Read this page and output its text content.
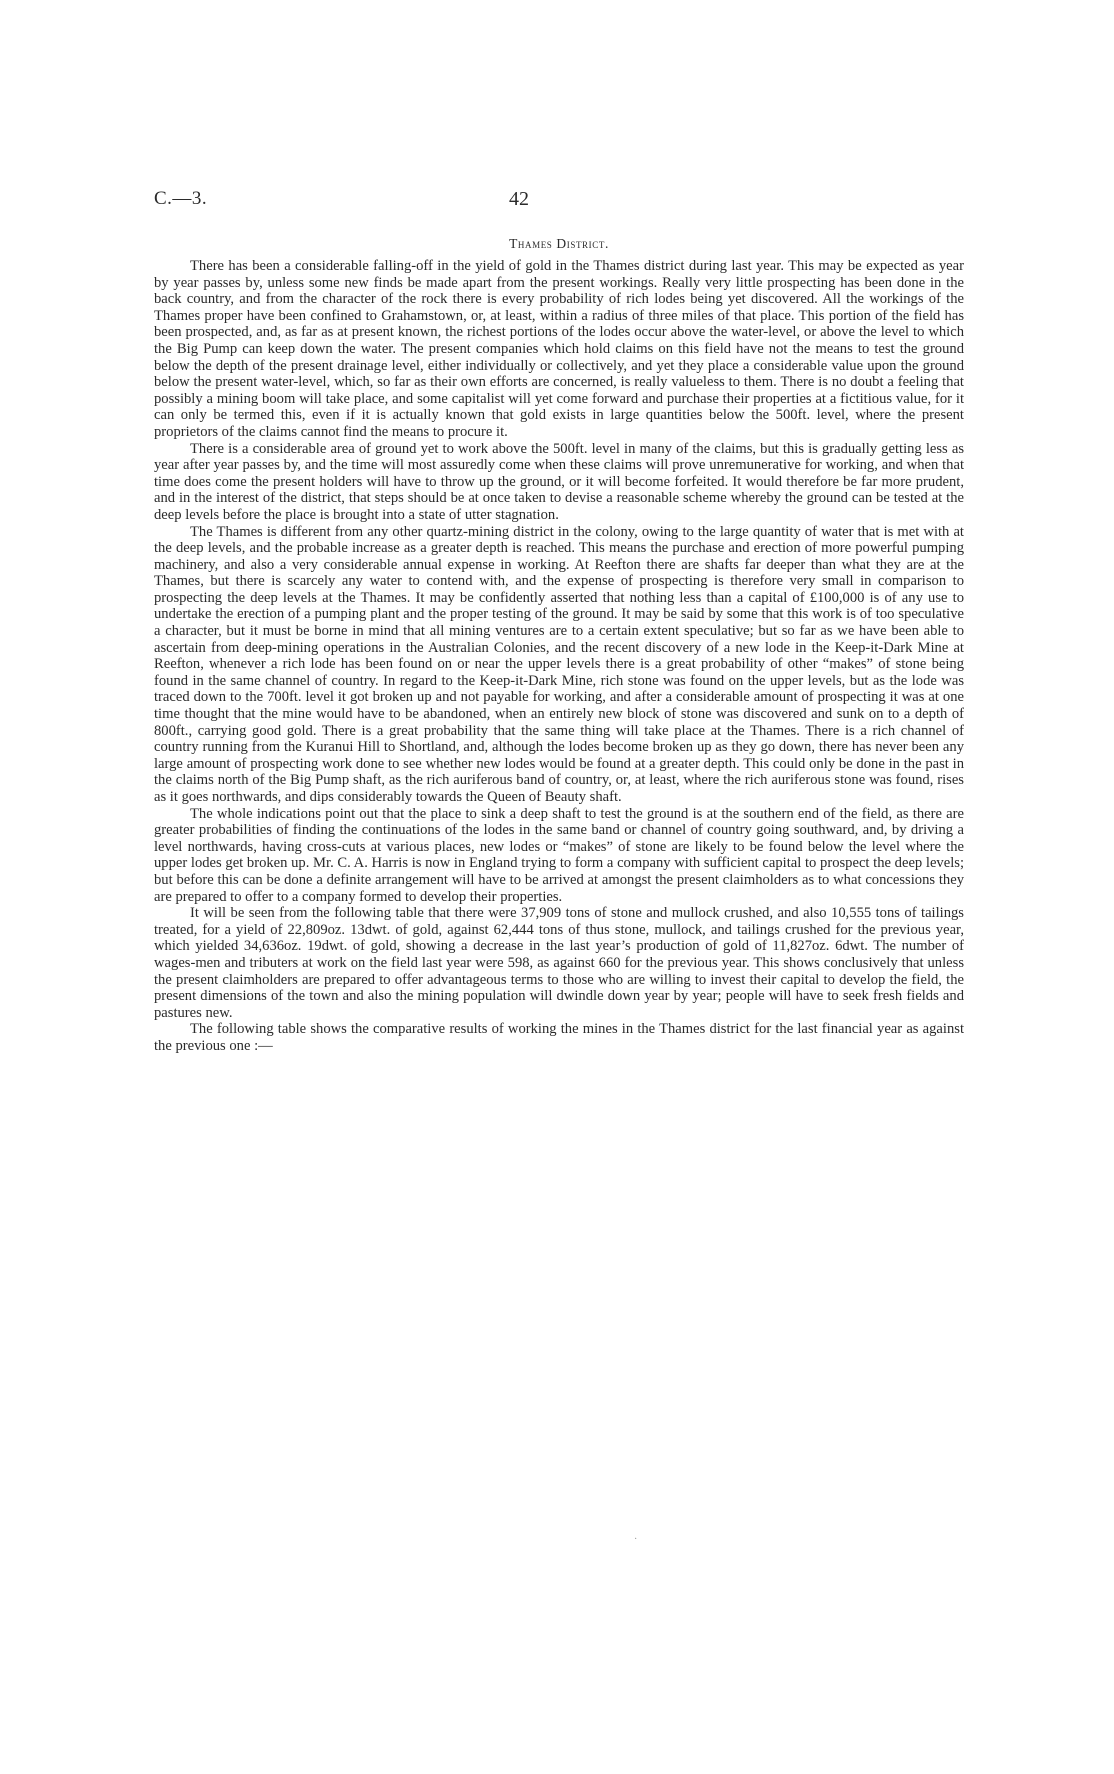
C.—3.	42
Thames District.

There has been a considerable falling-off in the yield of gold in the Thames district during last year. This may be expected as year by year passes by, unless some new finds be made apart from the present workings. Really very little prospecting has been done in the back country, and from the character of the rock there is every probability of rich lodes being yet discovered. All the workings of the Thames proper have been confined to Grahamstown, or, at least, within a radius of three miles of that place. This portion of the field has been prospected, and, as far as at present known, the richest portions of the lodes occur above the water-level, or above the level to which the Big Pump can keep down the water. The present companies which hold claims on this field have not the means to test the ground below the depth of the present drainage level, either individually or collectively, and yet they place a considerable value upon the ground below the present water-level, which, so far as their own efforts are concerned, is really valueless to them. There is no doubt a feeling that possibly a mining boom will take place, and some capitalist will yet come forward and purchase their properties at a fictitious value, for it can only be termed this, even if it is actually known that gold exists in large quantities below the 500ft. level, where the present proprietors of the claims cannot find the means to procure it.

There is a considerable area of ground yet to work above the 500ft. level in many of the claims, but this is gradually getting less as year after year passes by, and the time will most assuredly come when these claims will prove unremunerative for working, and when that time does come the present holders will have to throw up the ground, or it will become forfeited. It would therefore be far more prudent, and in the interest of the district, that steps should be at once taken to devise a reasonable scheme whereby the ground can be tested at the deep levels before the place is brought into a state of utter stagnation.

The Thames is different from any other quartz-mining district in the colony, owing to the large quantity of water that is met with at the deep levels, and the probable increase as a greater depth is reached. This means the purchase and erection of more powerful pumping machinery, and also a very considerable annual expense in working. At Reefton there are shafts far deeper than what they are at the Thames, but there is scarcely any water to contend with, and the expense of prospecting is therefore very small in comparison to prospecting the deep levels at the Thames. It may be confidently asserted that nothing less than a capital of £100,000 is of any use to undertake the erection of a pumping plant and the proper testing of the ground. It may be said by some that this work is of too speculative a character, but it must be borne in mind that all mining ventures are to a certain extent speculative; but so far as we have been able to ascertain from deep-mining operations in the Australian Colonies, and the recent discovery of a new lode in the Keep-it-Dark Mine at Reefton, whenever a rich lode has been found on or near the upper levels there is a great probability of other “makes” of stone being found in the same channel of country. In regard to the Keep-it-Dark Mine, rich stone was found on the upper levels, but as the lode was traced down to the 700ft. level it got broken up and not payable for working, and after a considerable amount of prospecting it was at one time thought that the mine would have to be abandoned, when an entirely new block of stone was discovered and sunk on to a depth of 800ft., carrying good gold. There is a great probability that the same thing will take place at the Thames. There is a rich channel of country running from the Kuranui Hill to Shortland, and, although the lodes become broken up as they go down, there has never been any large amount of prospecting work done to see whether new lodes would be found at a greater depth. This could only be done in the past in the claims north of the Big Pump shaft, as the rich auriferous band of country, or, at least, where the rich auriferous stone was found, rises as it goes northwards, and dips considerably towards the Queen of Beauty shaft.

The whole indications point out that the place to sink a deep shaft to test the ground is at the southern end of the field, as there are greater probabilities of finding the continuations of the lodes in the same band or channel of country going southward, and, by driving a level northwards, having cross-cuts at various places, new lodes or “makes” of stone are likely to be found below the level where the upper lodes get broken up. Mr. C. A. Harris is now in England trying to form a company with sufficient capital to prospect the deep levels; but before this can be done a definite arrangement will have to be arrived at amongst the present claimholders as to what concessions they are prepared to offer to a company formed to develop their properties.

It will be seen from the following table that there were 37,909 tons of stone and mullock crushed, and also 10,555 tons of tailings treated, for a yield of 22,809oz. 13dwt. of gold, against 62,444 tons of thus stone, mullock, and tailings crushed for the previous year, which yielded 34,636oz. 19dwt. of gold, showing a decrease in the last year’s production of gold of 11,827oz. 6dwt. The number of wages-men and tributers at work on the field last year were 598, as against 660 for the previous year. This shows conclusively that unless the present claimholders are prepared to offer advantageous terms to those who are willing to invest their capital to develop the field, the present dimensions of the town and also the mining population will dwindle down year by year; people will have to seek fresh fields and pastures new.

The following table shows the comparative results of working the mines in the Thames district for the last financial year as against the previous one :—

·
